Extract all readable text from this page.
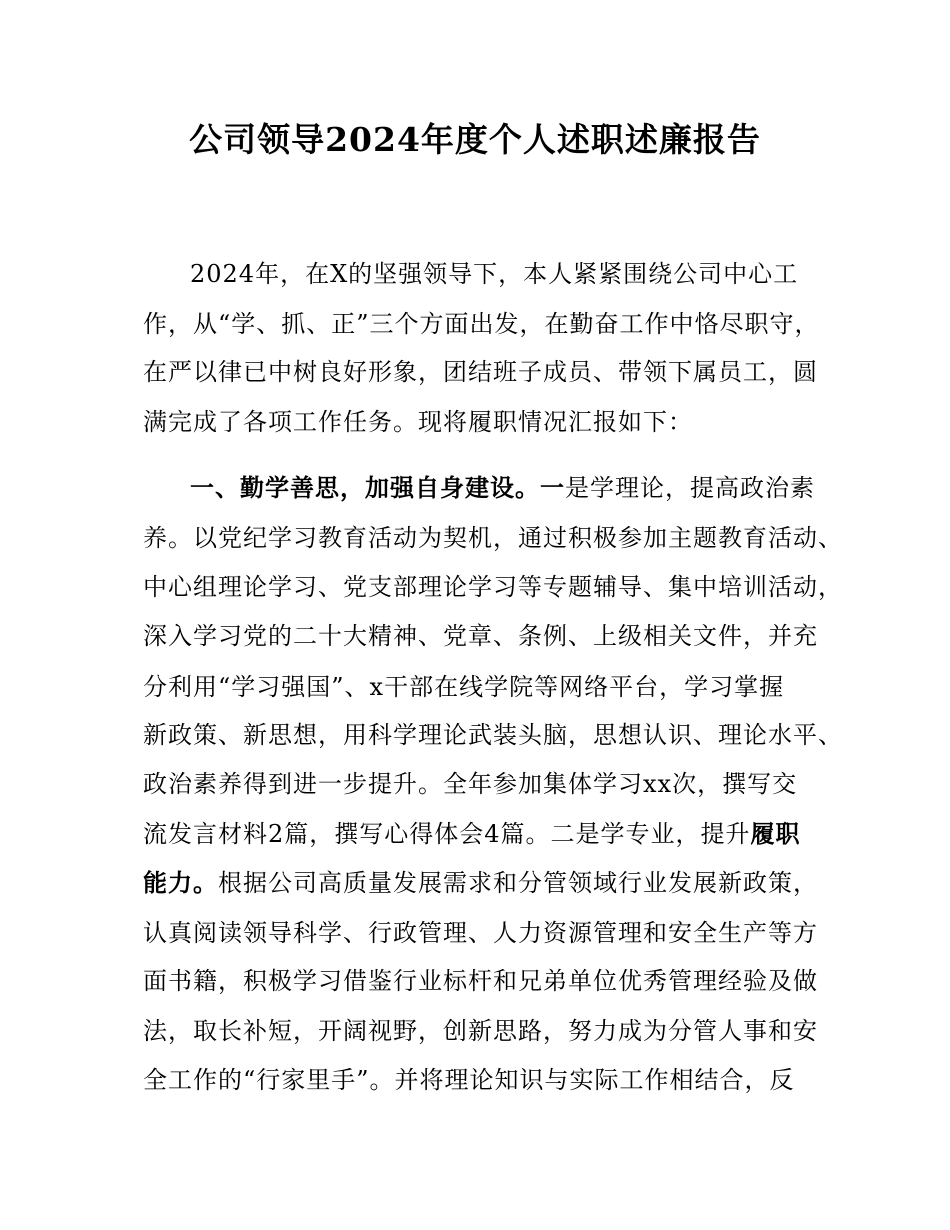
公司领导2024年度个人述职述廉报告
2024年，在X的坚强领导下，本人紧紧围绕公司中心工
作，从“学、抓、正”三个方面出发，在勤奋工作中恪尽职守，
在严以律已中树良好形象，团结班子成员、带领下属员工，圆
满完成了各项工作任务。现将履职情况汇报如下：
一、勤学善思，加强自身建设。一是学理论，提高政治素
养。以党纪学习教育活动为契机，通过积极参加主题教育活动、
中心组理论学习、党支部理论学习等专题辅导、集中培训活动，
深入学习党的二十大精神、党章、条例、上级相关文件，并充
分利用“学习强国”、x干部在线学院等网络平台，学习掌握
新政策、新思想，用科学理论武装头脑，思想认识、理论水平、
政治素养得到进一步提升。全年参加集体学习xx次，撰写交
流发言材料2篇，撰写心得体会4篇。二是学专业，提升履职
能力。根据公司高质量发展需求和分管领域行业发展新政策，
认真阅读领导科学、行政管理、人力资源管理和安全生产等方
面书籍，积极学习借鉴行业标杆和兄弟单位优秀管理经验及做
法，取长补短，开阔视野，创新思路，努力成为分管人事和安
全工作的“行家里手”。并将理论知识与实际工作相结合，反
